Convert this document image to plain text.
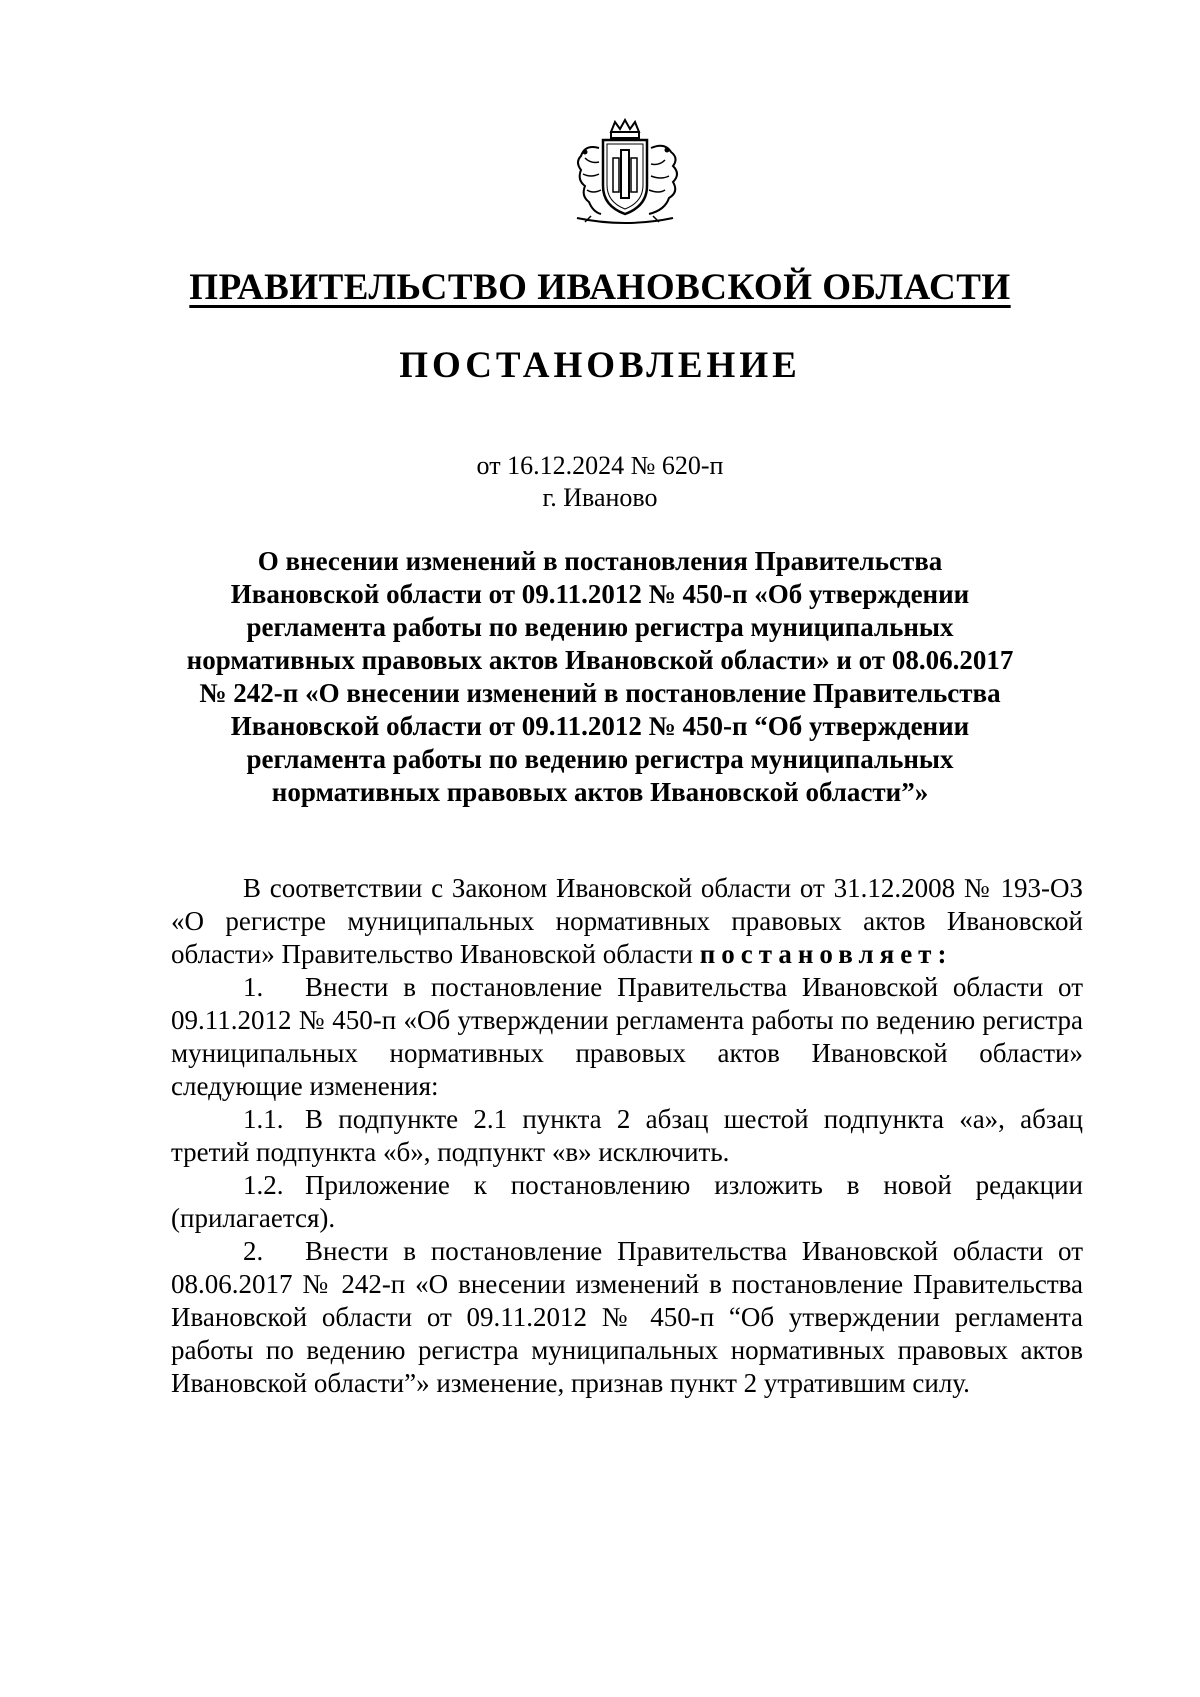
ПРАВИТЕЛЬСТВО ИВАНОВСКОЙ ОБЛАСТИ
ПОСТАНОВЛЕНИЕ
от 16.12.2024 № 620-п
г. Иваново
О внесении изменений в постановления Правительства
Ивановской области от 09.11.2012 № 450-п «Об утверждении
регламента работы по ведению регистра муниципальных
нормативных правовых актов Ивановской области» и от 08.06.2017
№ 242-п «О внесении изменений в постановление Правительства
Ивановской области от 09.11.2012 № 450-п “Об утверждении
регламента работы по ведению регистра муниципальных
нормативных правовых актов Ивановской области”»

В соответствии с Законом Ивановской области от 31.12.2008 № 193-ОЗ «О регистре муниципальных нормативных правовых актов Ивановской области» Правительство Ивановской области постановляет:

1. Внести в постановление Правительства Ивановской области от 09.11.2012 № 450-п «Об утверждении регламента работы по ведению регистра муниципальных нормативных правовых актов Ивановской области» следующие изменения:

1.1. В подпункте 2.1 пункта 2 абзац шестой подпункта «а», абзац третий подпункта «б», подпункт «в» исключить.

1.2. Приложение к постановлению изложить в новой редакции (прилагается).

2. Внести в постановление Правительства Ивановской области от 08.06.2017 № 242-п «О внесении изменений в постановление Правительства Ивановской области от 09.11.2012 № 450-п “Об утверждении регламента работы по ведению регистра муниципальных нормативных правовых актов Ивановской области”» изменение, признав пункт 2 утратившим силу.
